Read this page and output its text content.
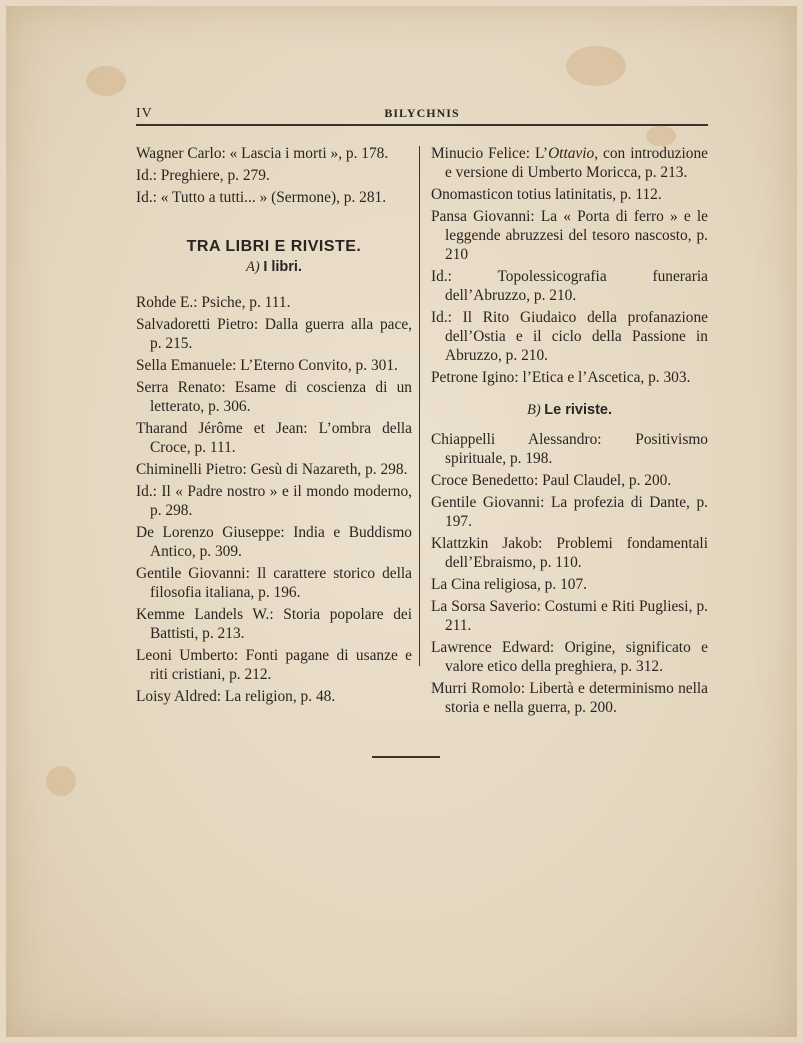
IV	BILYCHNIS
Wagner Carlo: « Lascia i morti », p. 178.
Id.: Preghiere, p. 279.
Id.: « Tutto a tutti... » (Sermone), p. 281.
TRA LIBRI E RIVISTE.
A) I libri.
Rohde E.: Psiche, p. 111.
Salvadoretti Pietro: Dalla guerra alla pace, p. 215.
Sella Emanuele: L’Eterno Convito, p. 301.
Serra Renato: Esame di coscienza di un letterato, p. 306.
Tharand Jérôme et Jean: L’ombra della Croce, p. 111.
Chiminelli Pietro: Gesù di Nazareth, p. 298.
Id.: Il « Padre nostro » e il mondo moderno, p. 298.
De Lorenzo Giuseppe: India e Buddismo Antico, p. 309.
Gentile Giovanni: Il carattere storico della filosofia italiana, p. 196.
Kemme Landels W.: Storia popolare dei Battisti, p. 213.
Leoni Umberto: Fonti pagane di usanze e riti cristiani, p. 212.
Loisy Aldred: La religion, p. 48.
Minucio Felice: L’Ottavio, con introduzione e versione di Umberto Moricca, p. 213.
Onomasticon totius latinitatis, p. 112.
Pansa Giovanni: La « Porta di ferro » e le leggende abruzzesi del tesoro nascosto, p. 210
Id.: Topolessicografia funeraria dell’Abruzzo, p. 210.
Id.: Il Rito Giudaico della profanazione dell’Ostia e il ciclo della Passione in Abruzzo, p. 210.
Petrone Igino: l’Etica e l’Ascetica, p. 303.
B) Le riviste.
Chiappelli Alessandro: Positivismo spirituale, p. 198.
Croce Benedetto: Paul Claudel, p. 200.
Gentile Giovanni: La profezia di Dante, p. 197.
Klattzkin Jakob: Problemi fondamentali dell’Ebraismo, p. 110.
La Cina religiosa, p. 107.
La Sorsa Saverio: Costumi e Riti Pugliesi, p. 211.
Lawrence Edward: Origine, significato e valore etico della preghiera, p. 312.
Murri Romolo: Libertà e determinismo nella storia e nella guerra, p. 200.
